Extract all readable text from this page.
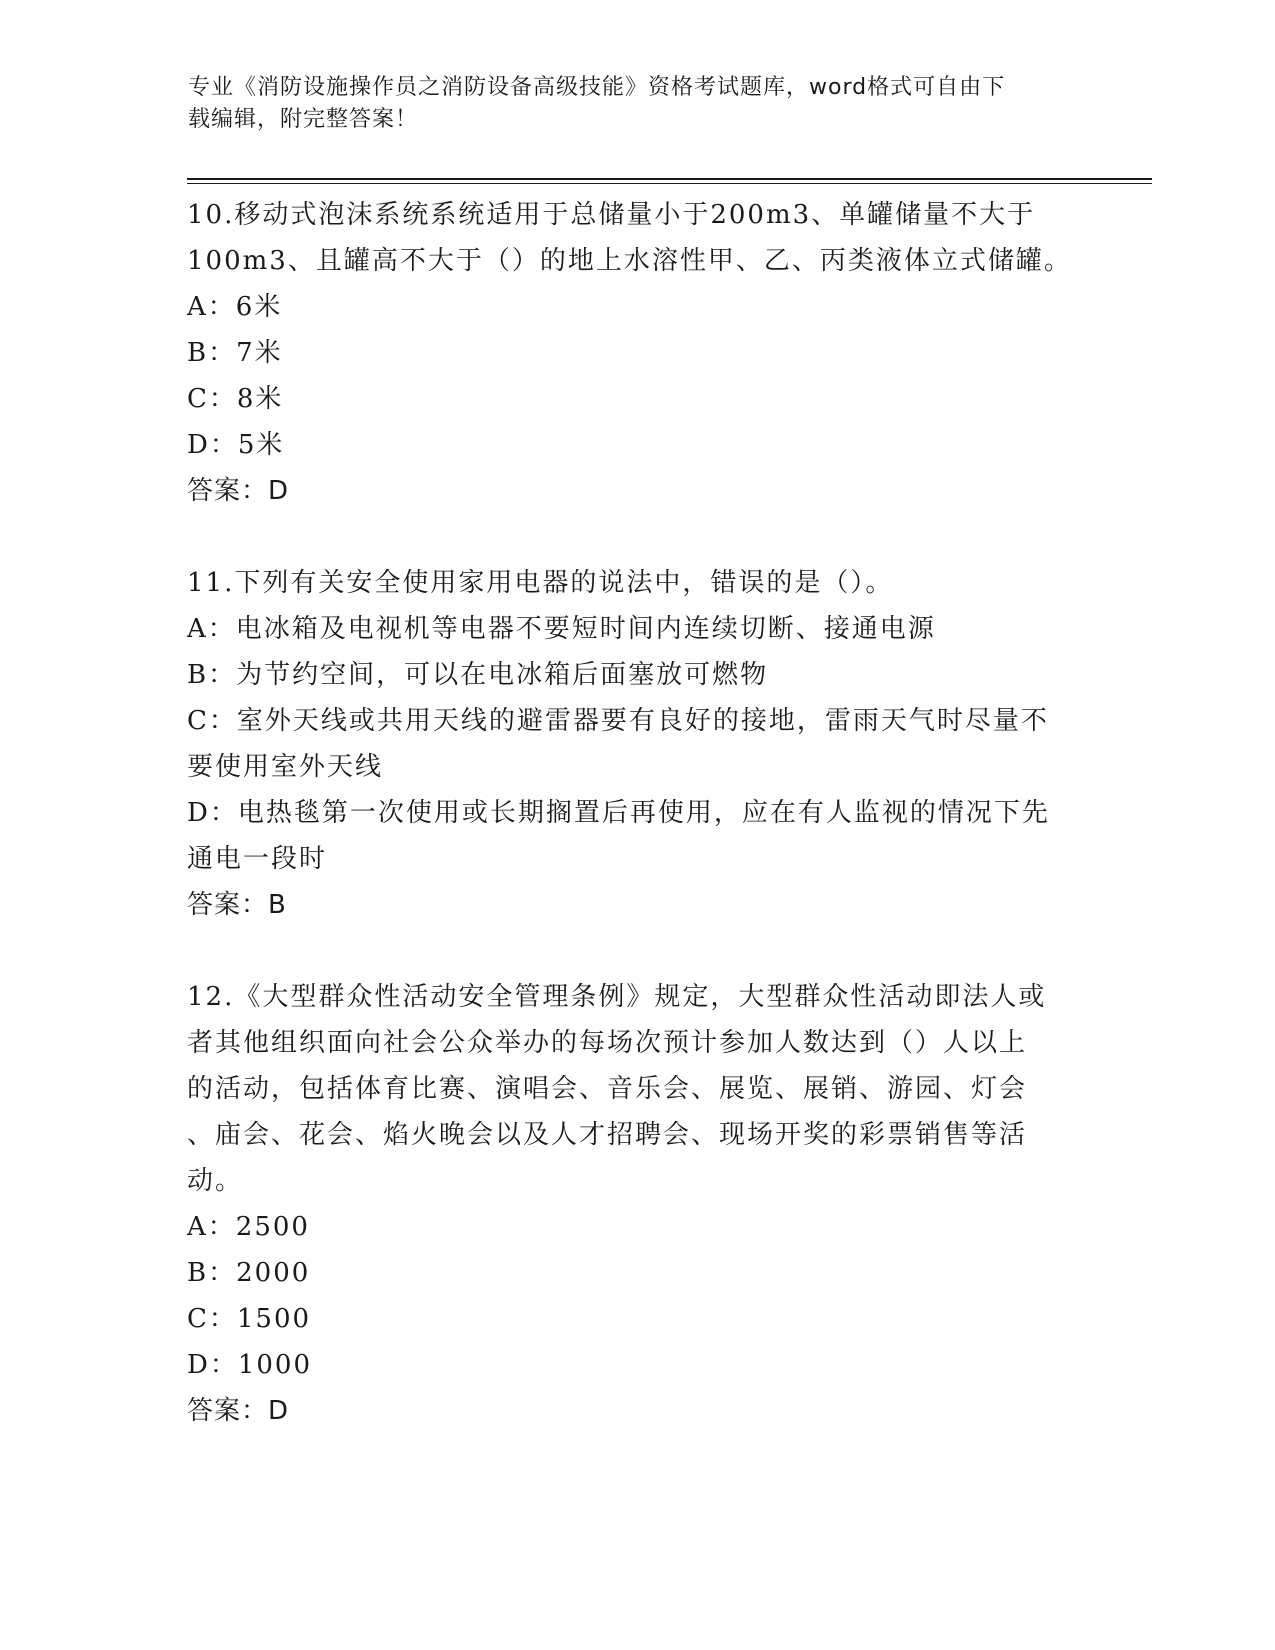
专业《消防设施操作员之消防设备高级技能》资格考试题库，word格式可自由下
载编辑，附完整答案！
10.移动式泡沫系统系统适用于总储量小于200m3、单罐储量不大于
100m3、且罐高不大于（）的地上水溶性甲、乙、丙类液体立式储罐。
A：6米
B：7米
C：8米
D：5米
答案：D
11.下列有关安全使用家用电器的说法中，错误的是（）。
A：电冰箱及电视机等电器不要短时间内连续切断、接通电源
B：为节约空间，可以在电冰箱后面塞放可燃物
C：室外天线或共用天线的避雷器要有良好的接地，雷雨天气时尽量不
要使用室外天线
D：电热毯第一次使用或长期搁置后再使用，应在有人监视的情况下先
通电一段时
答案：B
12.《大型群众性活动安全管理条例》规定，大型群众性活动即法人或
者其他组织面向社会公众举办的每场次预计参加人数达到（）人以上
的活动，包括体育比赛、演唱会、音乐会、展览、展销、游园、灯会
、庙会、花会、焰火晚会以及人才招聘会、现场开奖的彩票销售等活
动。
A：2500
B：2000
C：1500
D：1000
答案：D
